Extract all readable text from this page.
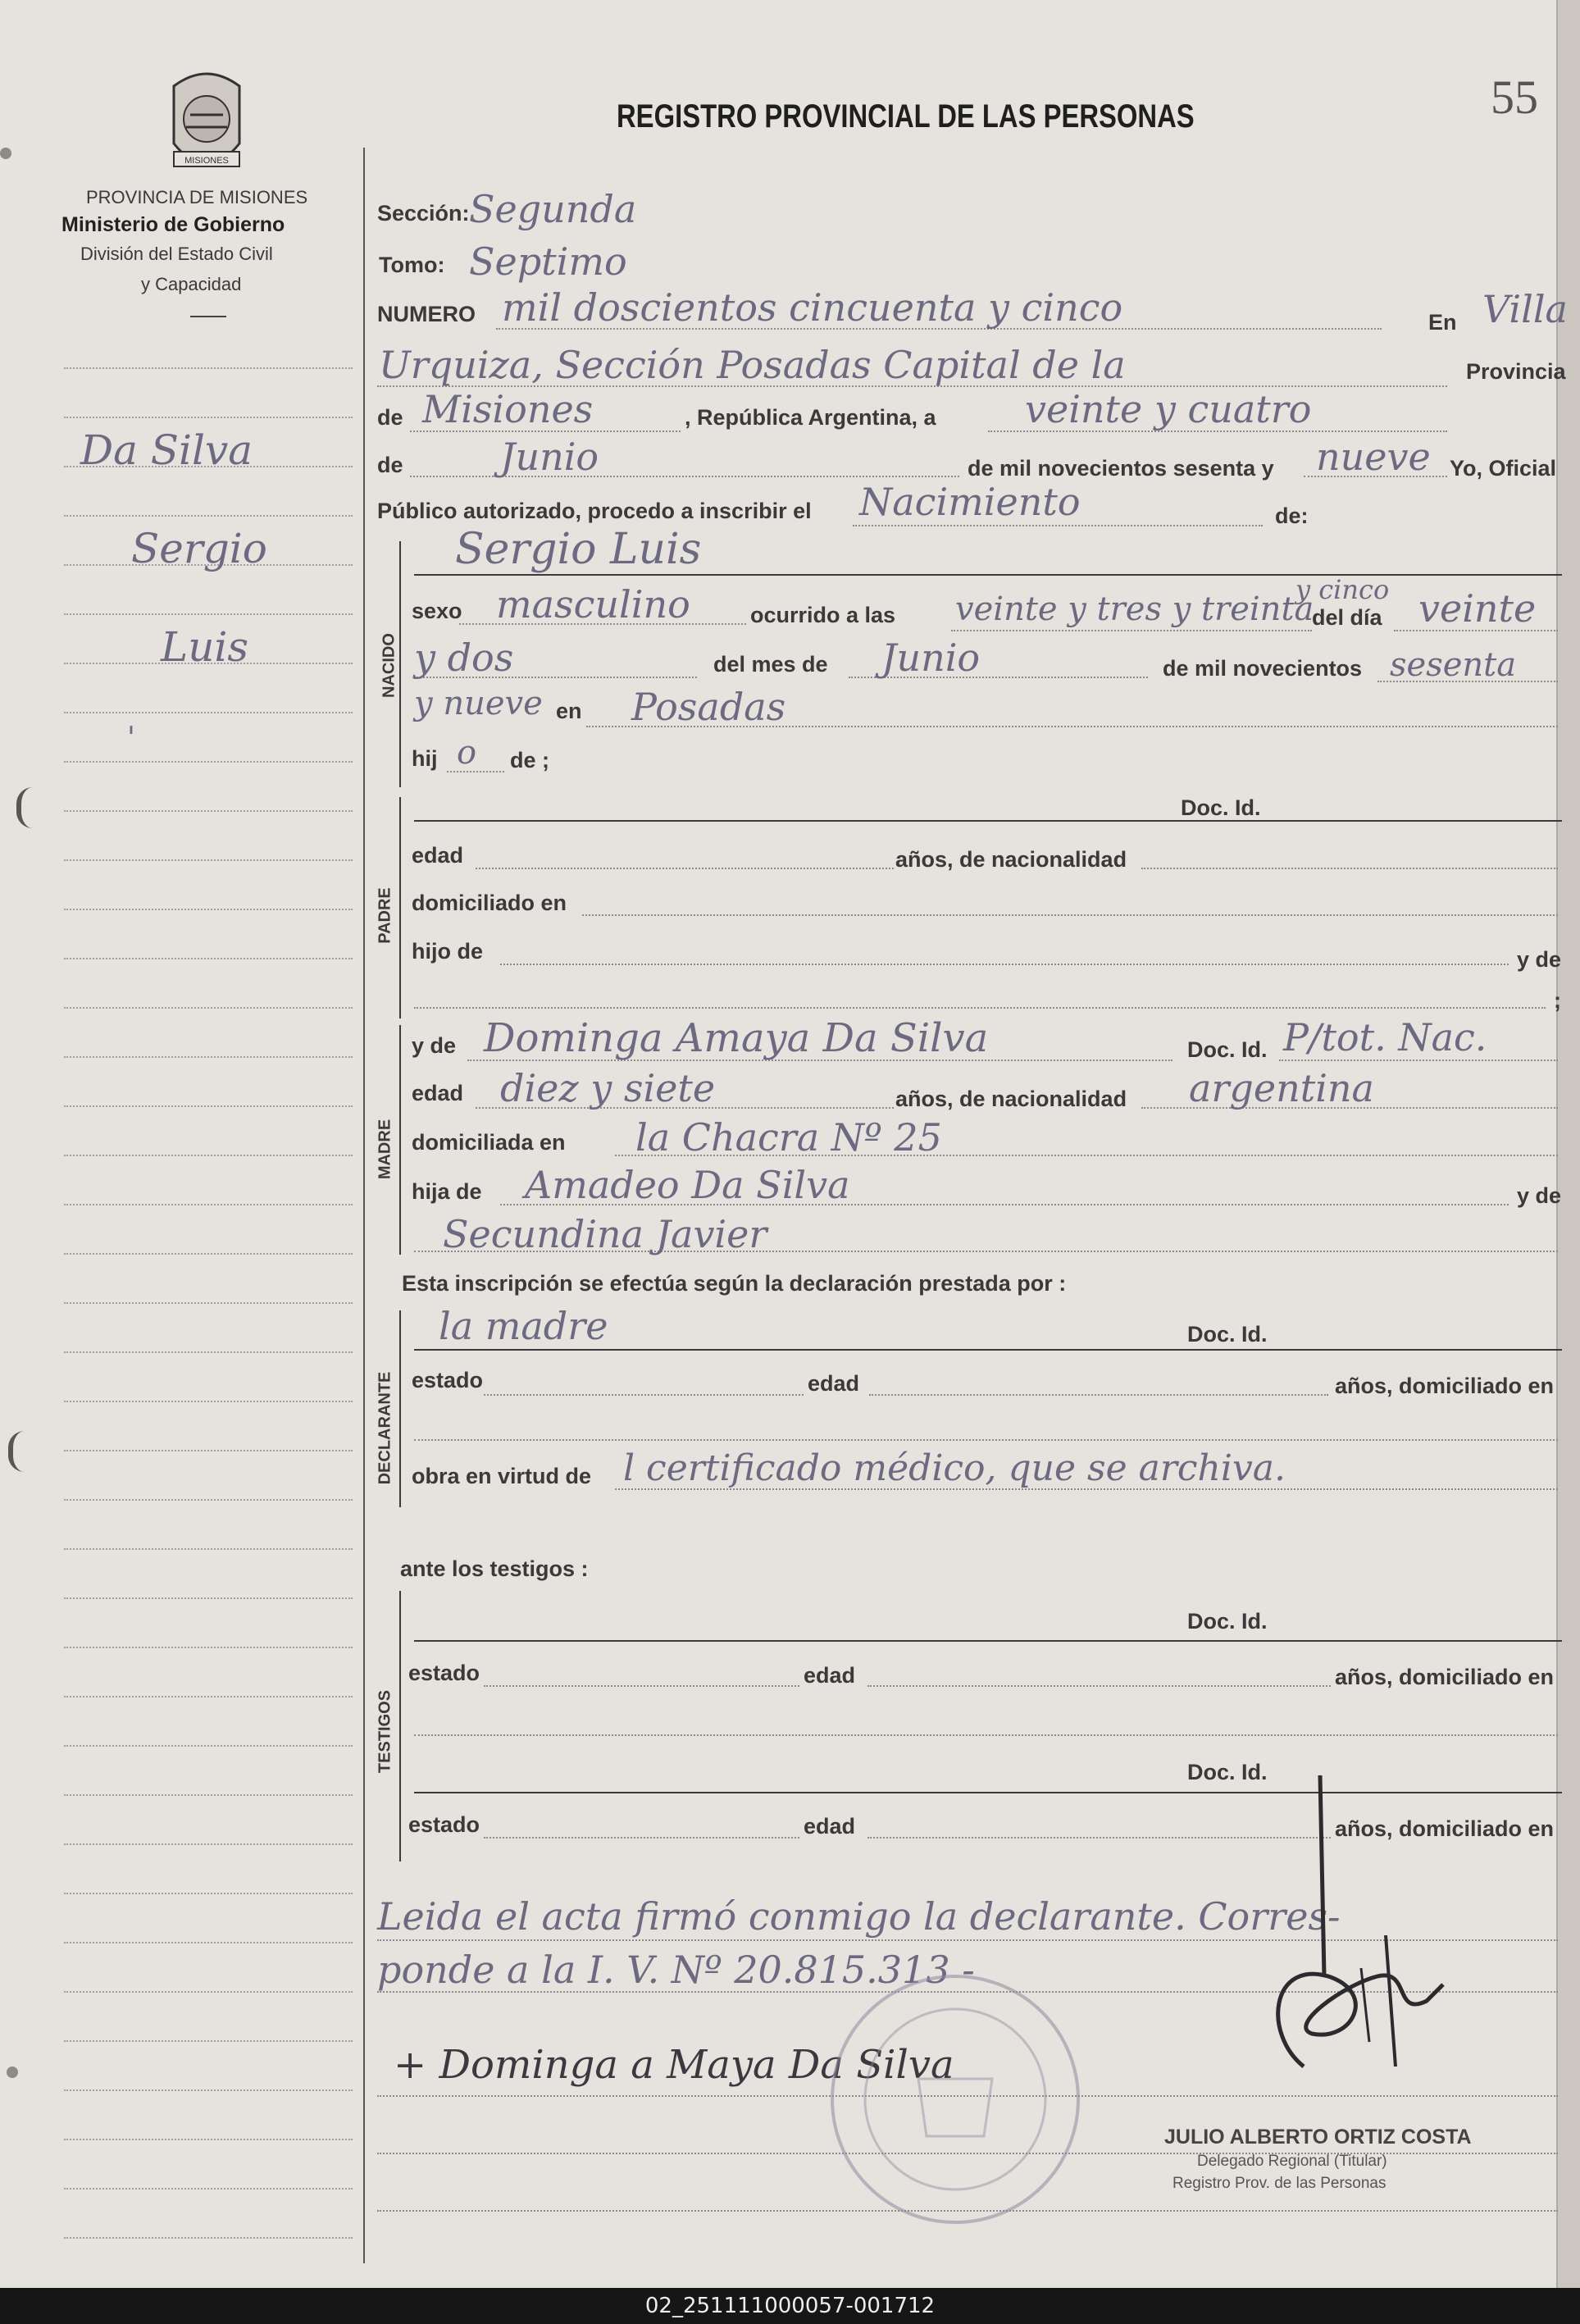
MISIONES
PROVINCIA DE MISIONES
Ministerio de Gobierno
División del Estado Civil
y Capacidad
REGISTRO PROVINCIAL DE LAS PERSONAS	55
Da Silva
Sergio
Luis
'
Sección: Segunda
Tomo: Septimo
NUMERO mil doscientos cincuenta y cinco	En Villa
Urquiza, Sección Posadas Capital de la	Provincia
de Misiones	, República Argentina, a veinte y cuatro
de	Junio	de mil novecientos sesenta y nueve Yo, Oficial
Público autorizado, procedo a inscribir el Nacimiento	de:
NACIDO
Sergio Luis
sexo masculino	ocurrido a las veinte y tres y treinta
y cinco
del día veinte
y dos	del mes de Junio	de mil novecientos sesenta
y nueve en Posadas
hij o de ;
PADRE
Doc. Id.
edad	años, de nacionalidad
domiciliado en
hijo de	y de
;
MADRE
y de Dominga Amaya Da Silva	Doc. Id. P/tot. Nac.
edad diez y siete	años, de nacionalidad argentina
domiciliada en la Chacra Nº 25
hija de Amadeo Da Silva	y de
Secundina Javier
Esta inscripción se efectúa según la declaración prestada por :
DECLARANTE
la madre	Doc. Id.
estado	edad	años, domiciliado en
obra en virtud de l certificado médico, que se archiva.
ante los testigos :
TESTIGOS
Doc. Id.
estado	edad	años, domiciliado en
Doc. Id.
estado	edad	años, domiciliado en
Leida el acta firmó conmigo la declarante. Corres-
ponde a la I. V. Nº 20.815.313 -
+ Dominga a Maya Da Silva
JULIO ALBERTO ORTIZ COSTA
Delegado Regional (Titular)
Registro Prov. de las Personas
02_251111000057-001712
